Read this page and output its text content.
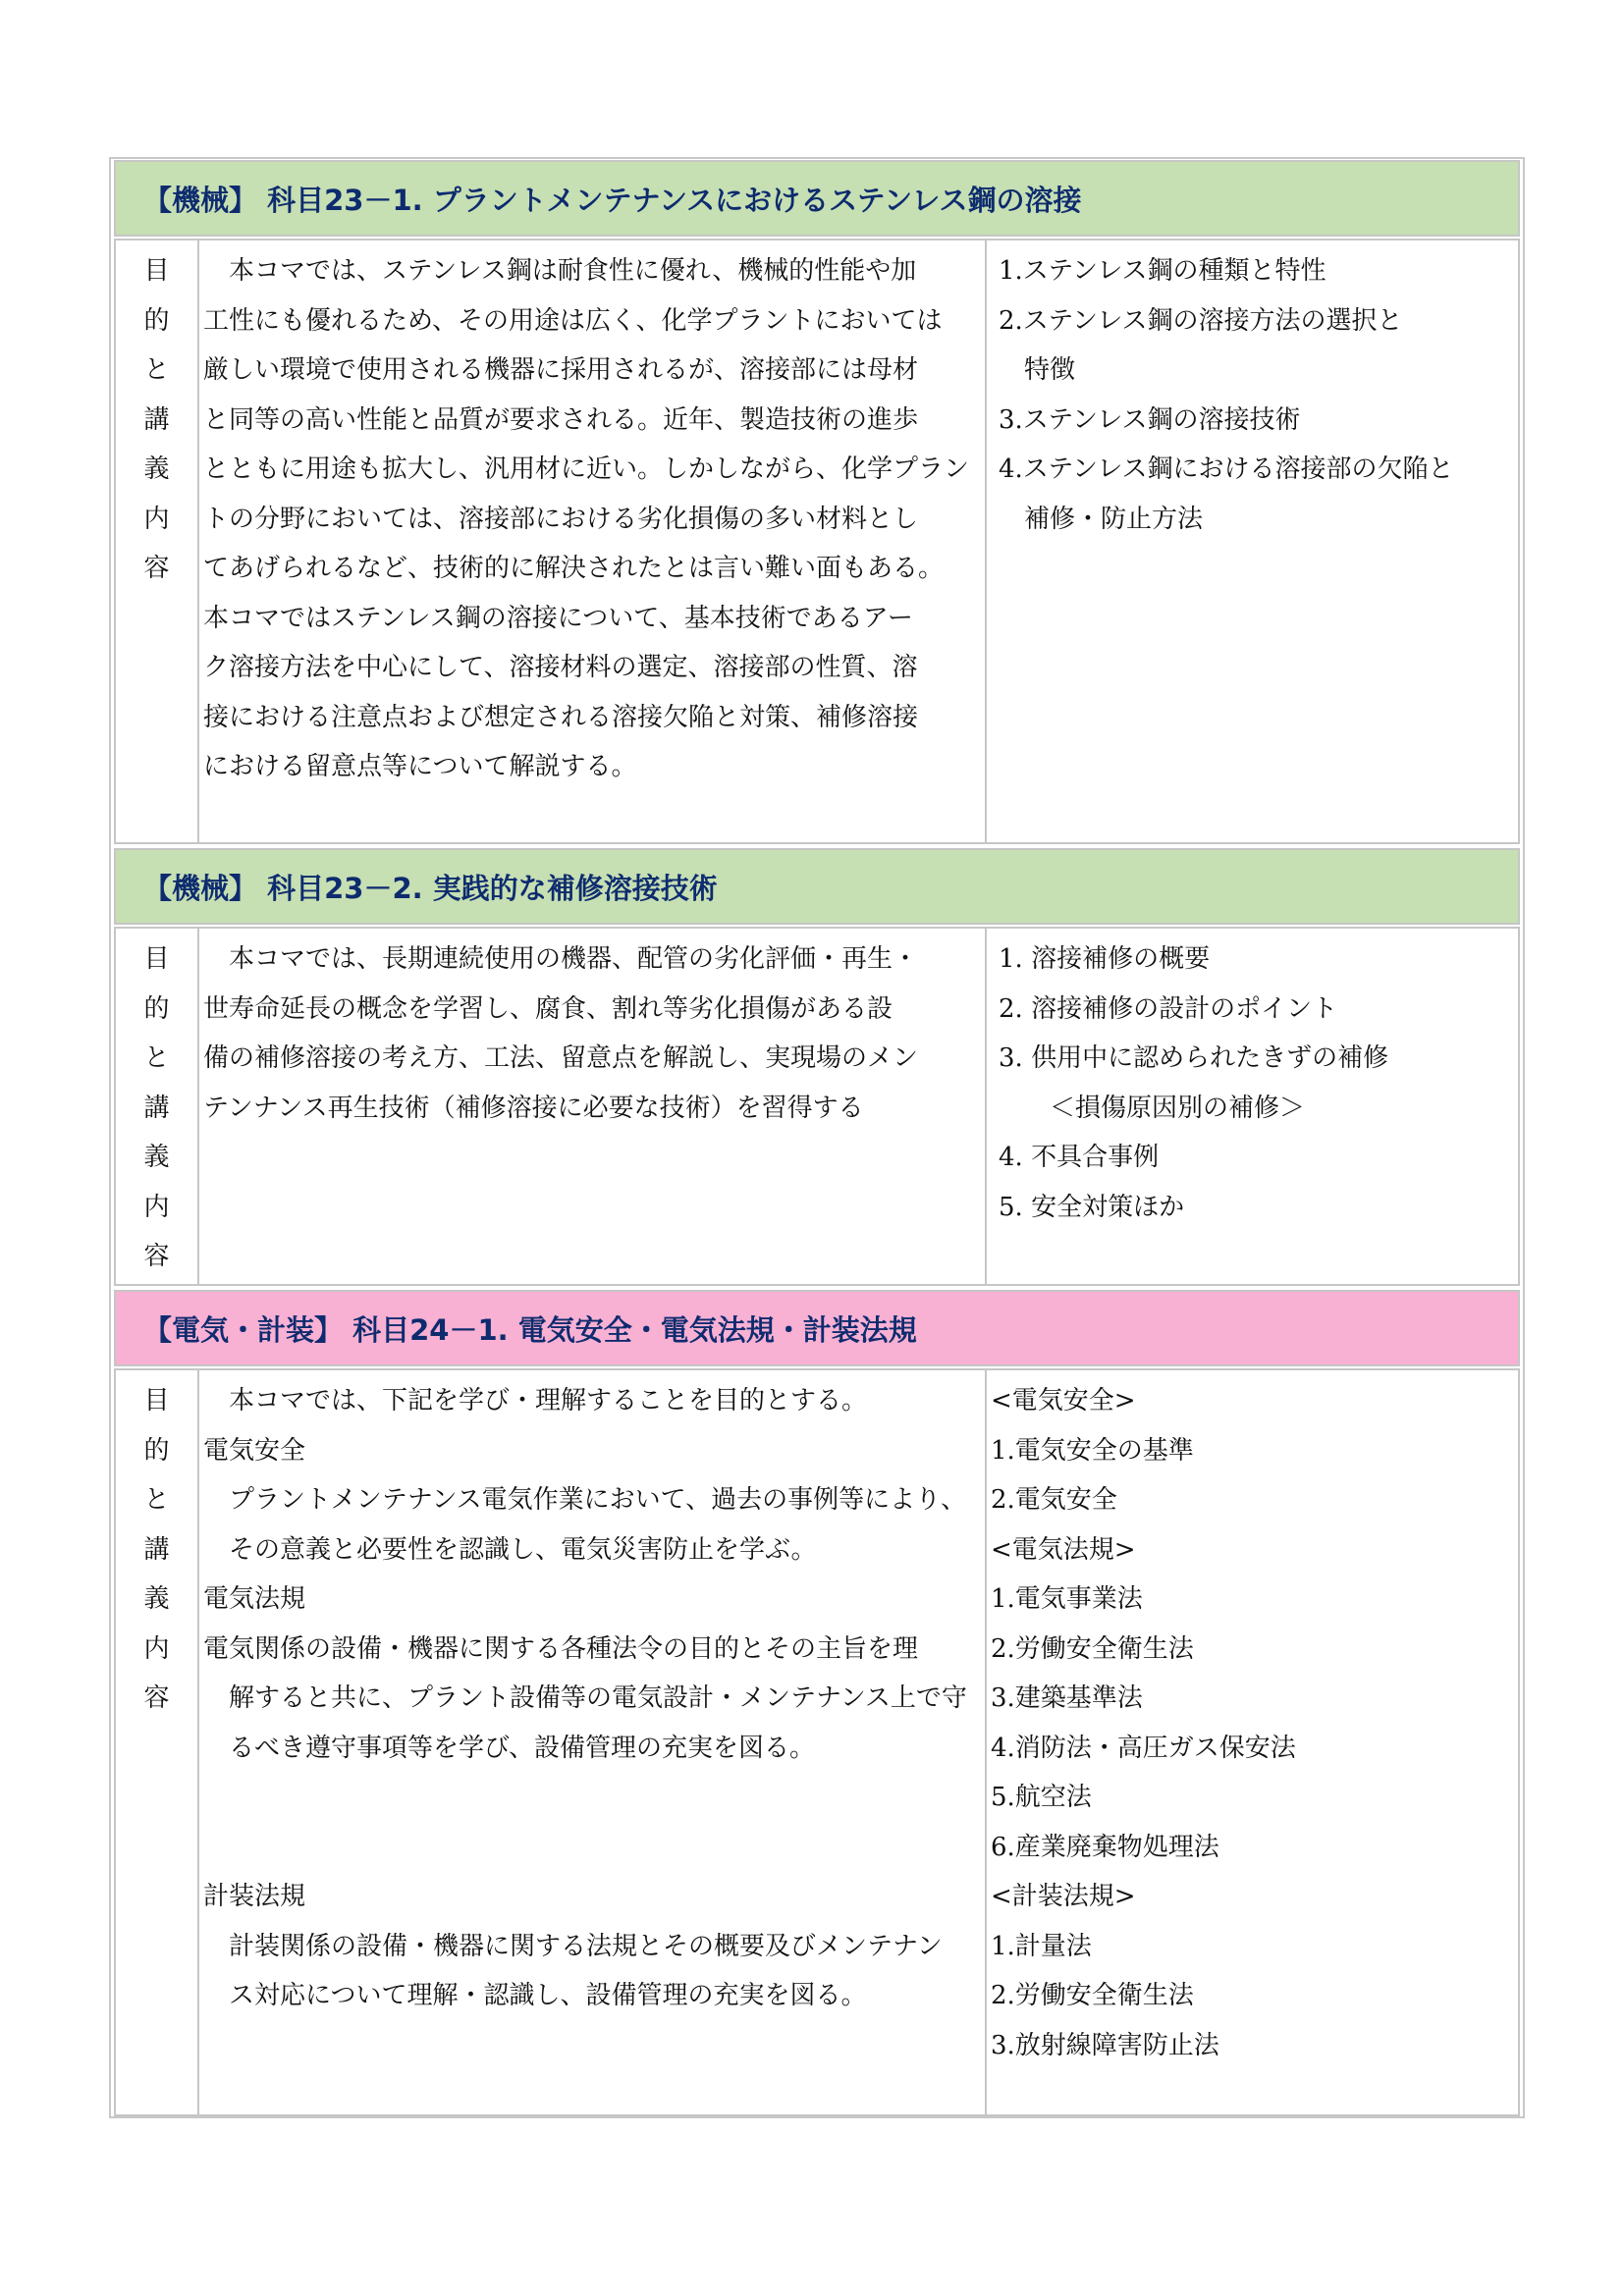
【機械】 科目23－1. プラントメンテナンスにおけるステンレス鋼の溶接
目
的
と
講
義
内
容
　本コマでは、ステンレス鋼は耐食性に優れ、機械的性能や加
工性にも優れるため、その用途は広く、化学プラントにおいては
厳しい環境で使用される機器に採用されるが、溶接部には母材
と同等の高い性能と品質が要求される。近年、製造技術の進歩
とともに用途も拡大し、汎用材に近い。しかしながら、化学プラン
トの分野においては、溶接部における劣化損傷の多い材料とし
てあげられるなど、技術的に解決されたとは言い難い面もある。
本コマではステンレス鋼の溶接について、基本技術であるアー
ク溶接方法を中心にして、溶接材料の選定、溶接部の性質、溶
接における注意点および想定される溶接欠陥と対策、補修溶接
における留意点等について解説する。
1.ステンレス鋼の種類と特性
2.ステンレス鋼の溶接方法の選択と
　特徴
3.ステンレス鋼の溶接技術
4.ステンレス鋼における溶接部の欠陥と
　補修・防止方法
【機械】 科目23－2. 実践的な補修溶接技術
目
的
と
講
義
内
容
　本コマでは、長期連続使用の機器、配管の劣化評価・再生・
世寿命延長の概念を学習し、腐食、割れ等劣化損傷がある設
備の補修溶接の考え方、工法、留意点を解説し、実現場のメン
テンナンス再生技術（補修溶接に必要な技術）を習得する
1. 溶接補修の概要
2. 溶接補修の設計のポイント
3. 供用中に認められたきずの補修
　　＜損傷原因別の補修＞
4. 不具合事例
5. 安全対策ほか
【電気・計装】 科目24－1. 電気安全・電気法規・計装法規
目
的
と
講
義
内
容
　本コマでは、下記を学び・理解することを目的とする。
電気安全
　プラントメンテナンス電気作業において、過去の事例等により、
　その意義と必要性を認識し、電気災害防止を学ぶ。
電気法規
電気関係の設備・機器に関する各種法令の目的とその主旨を理
　解すると共に、プラント設備等の電気設計・メンテナンス上で守
　るべき遵守事項等を学び、設備管理の充実を図る。
計装法規
　計装関係の設備・機器に関する法規とその概要及びメンテナン
　ス対応について理解・認識し、設備管理の充実を図る。
<電気安全>
1.電気安全の基準
2.電気安全
<電気法規>
1.電気事業法
2.労働安全衛生法
3.建築基準法
4.消防法・高圧ガス保安法
5.航空法
6.産業廃棄物処理法
<計装法規>
1.計量法
2.労働安全衛生法
3.放射線障害防止法
